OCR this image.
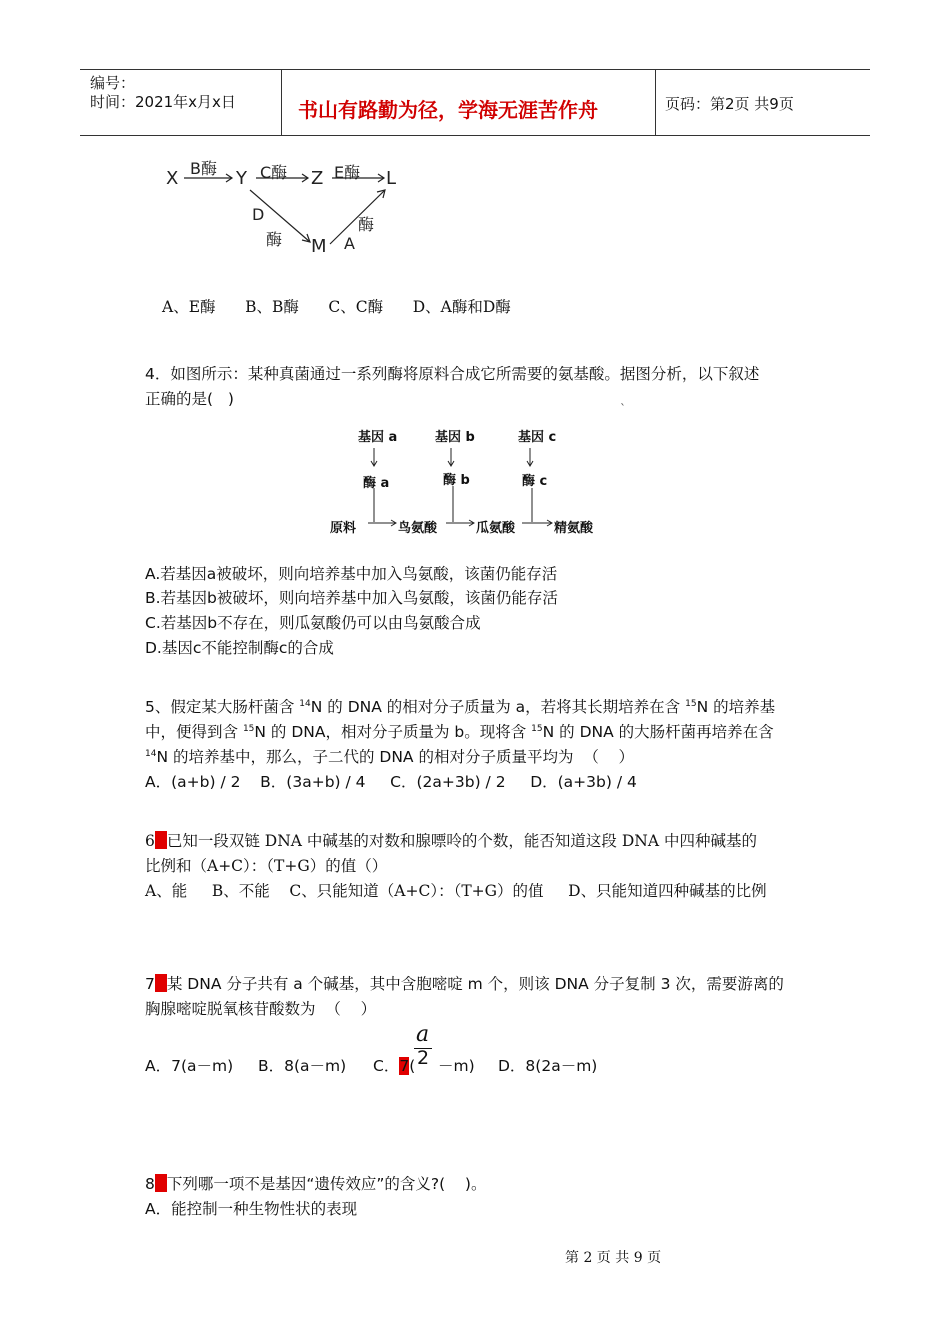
编号：
时间：2021年x月x日	书山有路勤为径，学海无涯苦作舟	页码：第2页 共9页
X	Y	Z	L
M
B酶	C酶	E酶
D
酶	A
酶
A、E酶      B、B酶      C、C酶      D、A酶和D酶
4．如图所示：某种真菌通过一系列酶将原料合成它所需要的氨基酸。据图分析，以下叙述
正确的是(   )
`
基因 a	基因 b	基因 c
酶 a	酶 b	酶 c
原料	鸟氨酸	瓜氨酸	精氨酸
A.若基因a被破坏，则向培养基中加入鸟氨酸，该菌仍能存活
B.若基因b被破坏，则向培养基中加入鸟氨酸，该菌仍能存活
C.若基因b不存在，则瓜氨酸仍可以由鸟氨酸合成
D.基因c不能控制酶c的合成
5、假定某大肠杆菌含 $^{14}$N 的 DNA 的相对分子质量为 a，若将其长期培养在含 $^{15}$N 的培养基
中，便得到含 $^{15}$N 的 DNA，相对分子质量为 b。现将含 $^{15}$N 的 DNA 的大肠杆菌再培养在含
$^{14}$N 的培养基中，那么，子二代的 DNA 的相对分子质量平均为  （    ）
A．(a+b) / 2    B．(3a+b) / 4     C．(2a+3b) / 2     D．(a+3b) / 4
6 已知一段双链 DNA 中碱基的对数和腺嘌呤的个数，能否知道这段 DNA 中四种碱基的
比例和（A+C）：（T+G）的值（）
A、能     B、不能    C、只能知道（A+C）：（T+G）的值     D、只能知道四种碱基的比例
7 某 DNA 分子共有 a 个碱基，其中含胞嘧啶 m 个，则该 DNA 分子复制 3 次，需要游离的
胸腺嘧啶脱氧核苷酸数为  （    ）
A．7(a－m) B．8(a－m) C．7(
a
2 －m) D．8(2a－m)
8 下列哪一项不是基因“遗传效应”的含义?(    )。
A．能控制一种生物性状的表现
第 2 页 共 9 页
